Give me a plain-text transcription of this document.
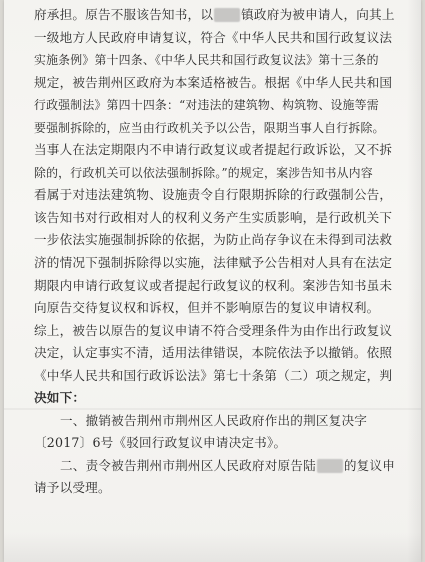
府承担。原告不服该告知书，以 镇政府为被申请人，向其上
一级地方人民政府申请复议，符合《中华人民共和国行政复议法
实施条例》第十四条、《中华人民共和国行政复议法》第十三条的
规定，被告荆州区政府为本案适格被告。根据《中华人民共和国
行政强制法》第四十四条：“对违法的建筑物、构筑物、设施等需
要强制拆除的，应当由行政机关予以公告，限期当事人自行拆除。
当事人在法定期限内不申请行政复议或者提起行政诉讼，又不拆
除的，行政机关可以依法强制拆除。”的规定，案涉告知书从内容
看属于对违法建筑物、设施责令自行限期拆除的行政强制公告，
该告知书对行政相对人的权利义务产生实质影响，是行政机关下
一步依法实施强制拆除的依据，为防止尚存争议在未得到司法救
济的情况下强制拆除得以实施，法律赋予公告相对人具有在法定
期限内申请行政复议或者提起行政复议的权利。案涉告知书虽未
向原告交待复议权和诉权，但并不影响原告的复议申请权利。
综上，被告以原告的复议申请不符合受理条件为由作出行政复议
决定，认定事实不清，适用法律错误，本院依法予以撤销。依照
《中华人民共和国行政诉讼法》第七十条第（二）项之规定，判
决如下：
一、撤销被告荆州市荆州区人民政府作出的荆区复决字
〔2017〕6号《驳回行政复议申请决定书》。
二、责令被告荆州市荆州区人民政府对原告陆 的复议申
请予以受理。
